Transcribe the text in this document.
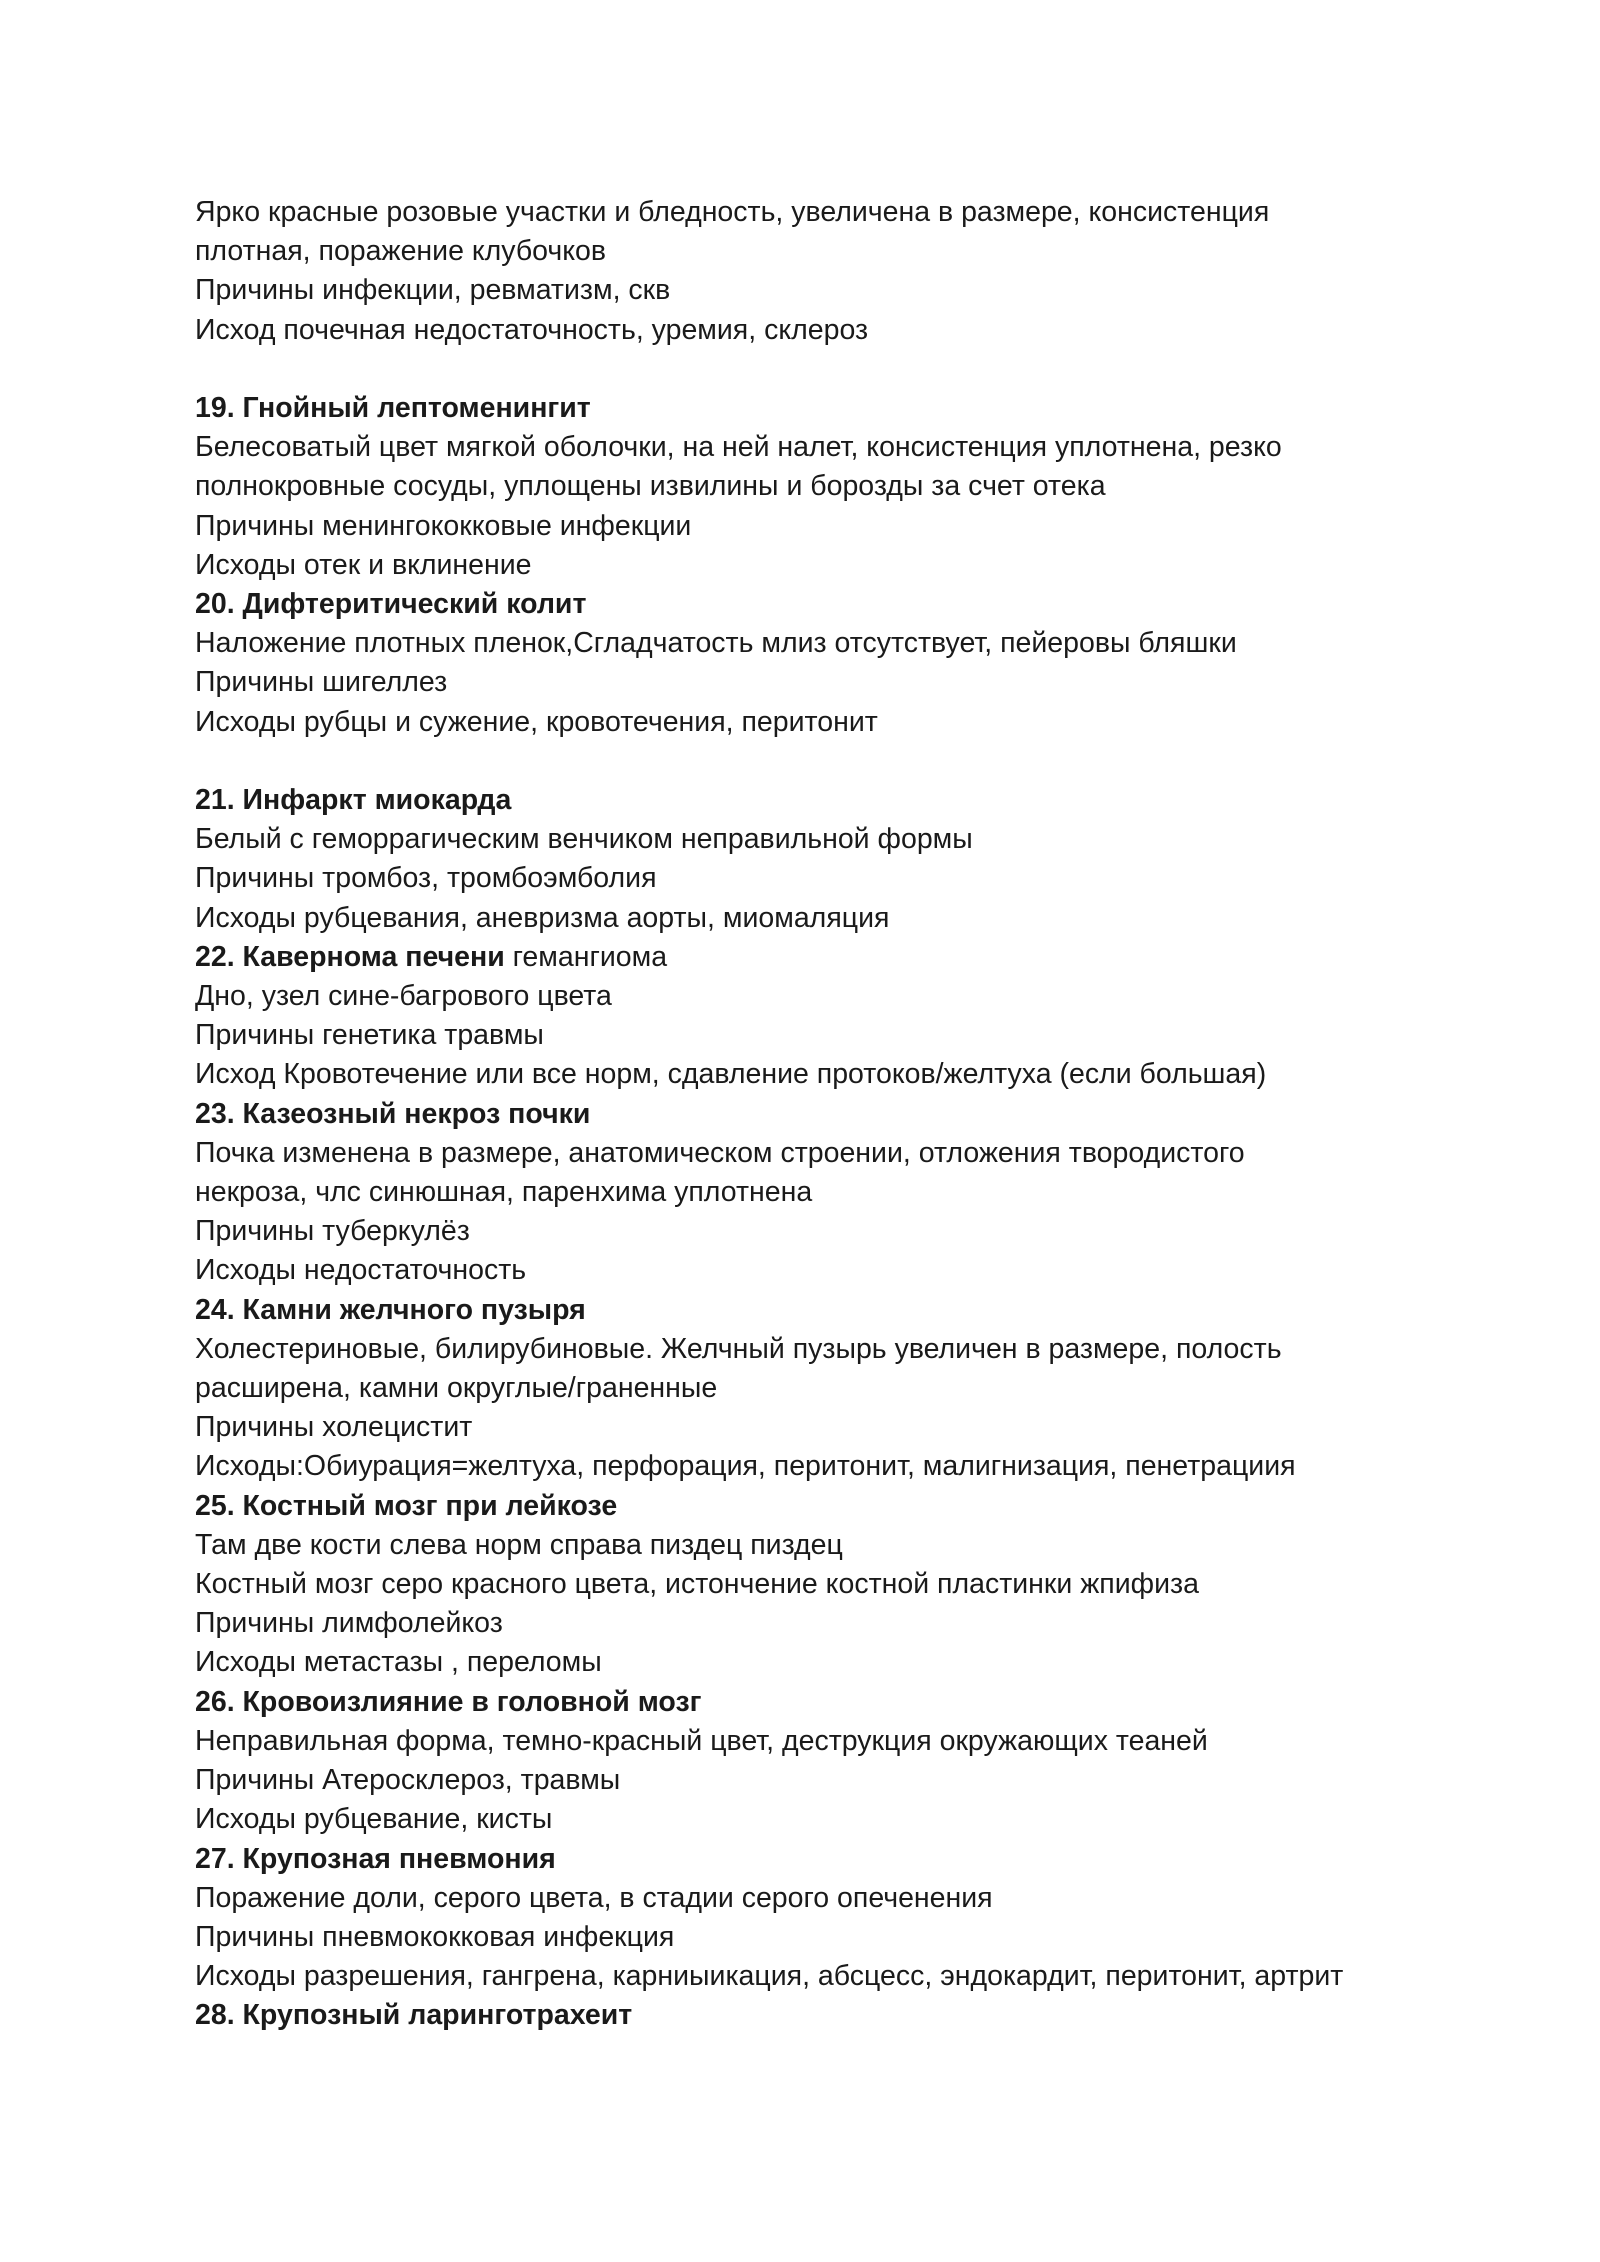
Ярко красные розовые участки и бледность, увеличена в размере, консистенция

плотная, поражение клубочков

Причины инфекции, ревматизм, скв

Исход почечная недостаточность, уремия, склероз

19. Гнойный лептоменингит

Белесоватый цвет мягкой оболочки, на ней налет, консистенция уплотнена, резко

полнокровные сосуды, уплощены извилины и борозды за счет отека

Причины менингококковые инфекции

Исходы отек и вклинение

20. Дифтеритический колит

Наложение плотных пленок,Сгладчатость млиз отсутствует, пейеровы бляшки

Причины шигеллез

Исходы рубцы и сужение, кровотечения, перитонит

21. Инфаркт миокарда

Белый с геморрагическим венчиком неправильной формы

Причины тромбоз, тромбоэмболия

Исходы рубцевания, аневризма аорты, миомаляция

22. Кавернома печени гемангиома

Дно, узел сине-багрового цвета

Причины генетика травмы

Исход Кровотечение или все норм, сдавление протоков/желтуха (если большая)

23. Казеозный некроз почки

Почка изменена в размере, анатомическом строении, отложения твородистого

некроза, члс синюшная, паренхима уплотнена

Причины туберкулёз

Исходы недостаточность

24. Камни желчного пузыря

Холестериновые, билирубиновые. Желчный пузырь увеличен в размере, полость

расширена, камни округлые/граненные

Причины холецистит

Исходы:Обиурация=желтуха, перфорация, перитонит, малигнизация, пенетрациия

25. Костный мозг при лейкозе

Там две кости слева норм справа пиздец пиздец

Костный мозг серо красного цвета, истончение костной пластинки жпифиза

Причины лимфолейкоз

Исходы метастазы , переломы

26. Кровоизлияние в головной мозг

Неправильная форма, темно-красный цвет, деструкция окружающих теаней

Причины Атеросклероз, травмы

Исходы рубцевание, кисты

27. Крупозная пневмония

Поражение доли, серого цвета, в стадии серого опеченения

Причины пневмококковая инфекция

Исходы разрешения, гангрена, карниыикация, абсцесс, эндокардит, перитонит, артрит

28. Крупозный ларинготрахеит
